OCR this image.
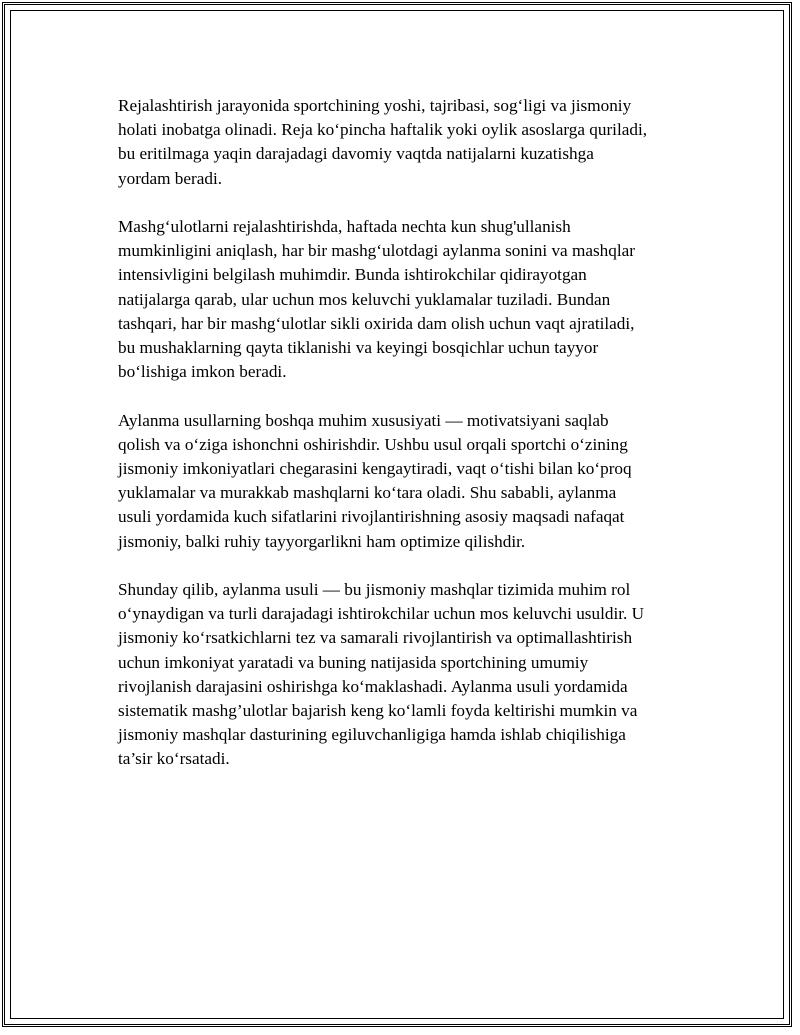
Rejalashtirish jarayonida sportchining yoshi, tajribasi, sog‘ligi va jismoniy
holati inobatga olinadi. Reja ko‘pincha haftalik yoki oylik asoslarga quriladi,
bu eritilmaga yaqin darajadagi davomiy vaqtda natijalarni kuzatishga
yordam beradi.

Mashg‘ulotlarni rejalashtirishda, haftada nechta kun shug'ullanish
mumkinligini aniqlash, har bir mashg‘ulotdagi aylanma sonini va mashqlar
intensivligini belgilash muhimdir. Bunda ishtirokchilar qidirayotgan
natijalarga qarab, ular uchun mos keluvchi yuklamalar tuziladi. Bundan
tashqari, har bir mashg‘ulotlar sikli oxirida dam olish uchun vaqt ajratiladi,
bu mushaklarning qayta tiklanishi va keyingi bosqichlar uchun tayyor
bo‘lishiga imkon beradi.

Aylanma usullarning boshqa muhim xususiyati — motivatsiyani saqlab
qolish va o‘ziga ishonchni oshirishdir. Ushbu usul orqali sportchi o‘zining
jismoniy imkoniyatlari chegarasini kengaytiradi, vaqt o‘tishi bilan ko‘proq
yuklamalar va murakkab mashqlarni ko‘tara oladi. Shu sababli, aylanma
usuli yordamida kuch sifatlarini rivojlantirishning asosiy maqsadi nafaqat
jismoniy, balki ruhiy tayyorgarlikni ham optimize qilishdir.

Shunday qilib, aylanma usuli — bu jismoniy mashqlar tizimida muhim rol
o‘ynaydigan va turli darajadagi ishtirokchilar uchun mos keluvchi usuldir. U
jismoniy ko‘rsatkichlarni tez va samarali rivojlantirish va optimallashtirish
uchun imkoniyat yaratadi va buning natijasida sportchining umumiy
rivojlanish darajasini oshirishga ko‘maklashadi. Aylanma usuli yordamida
sistematik mashg’ulotlar bajarish keng ko‘lamli foyda keltirishi mumkin va
jismoniy mashqlar dasturining egiluvchanligiga hamda ishlab chiqilishiga
ta’sir ko‘rsatadi.
